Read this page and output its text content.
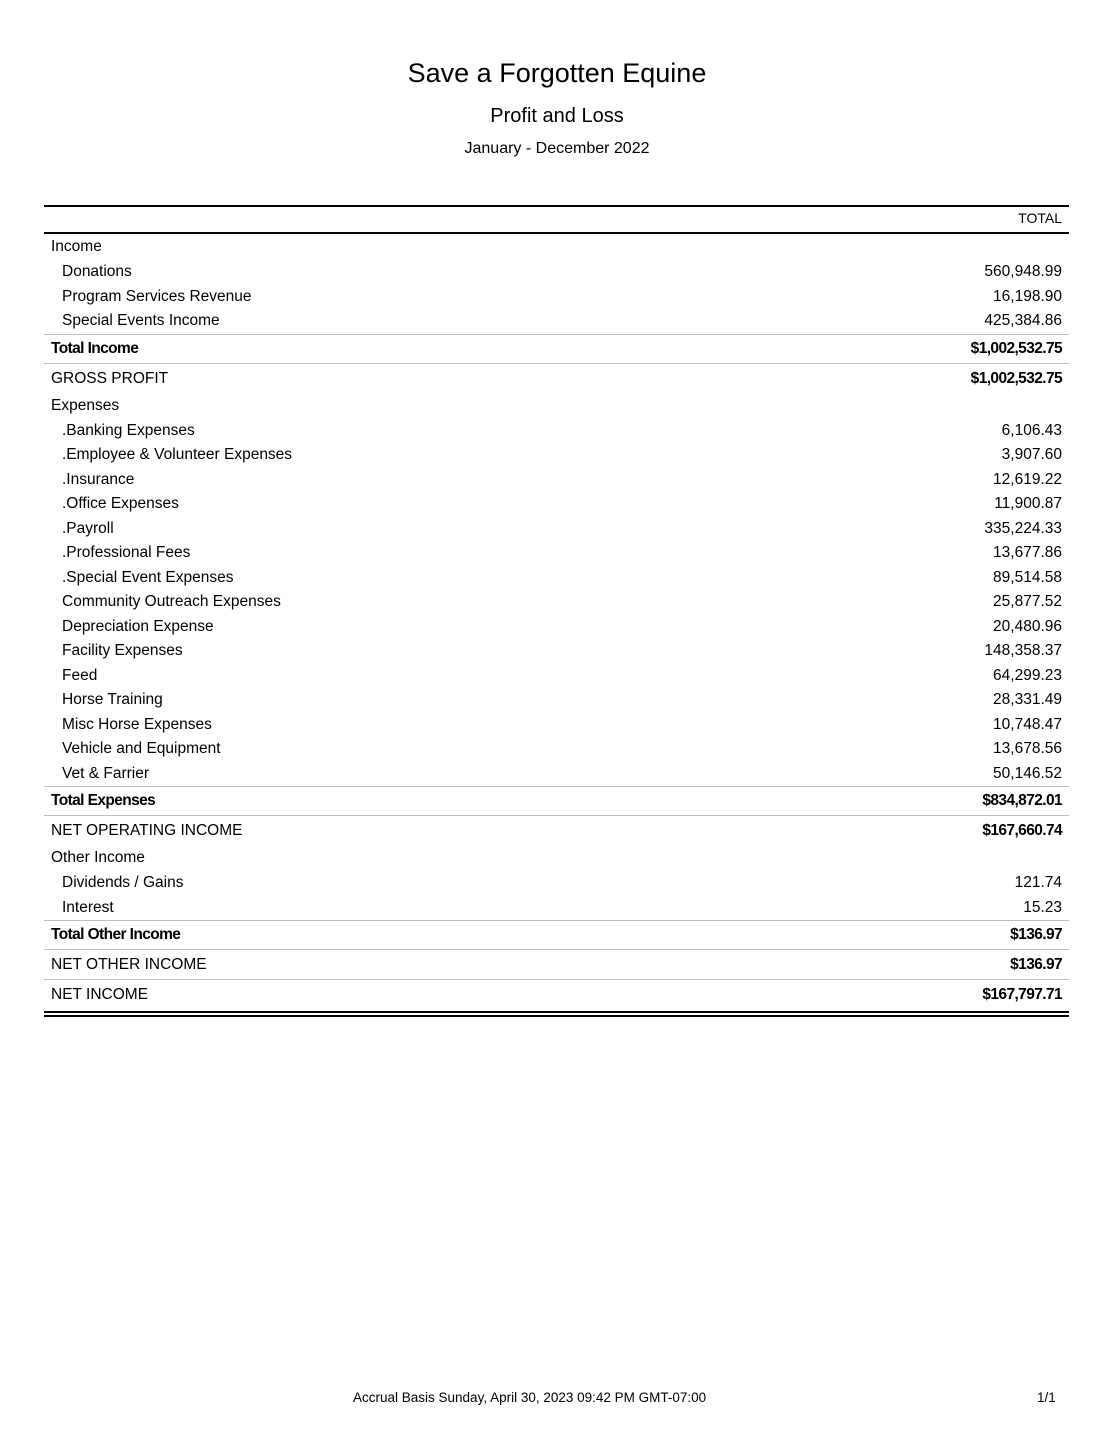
Save a Forgotten Equine
Profit and Loss
January - December 2022
TOTAL
Income
Donations	560,948.99
Program Services Revenue	16,198.90
Special Events Income	425,384.86
Total Income	$1,002,532.75
GROSS PROFIT	$1,002,532.75
Expenses
.Banking Expenses	6,106.43
.Employee & Volunteer Expenses	3,907.60
.Insurance	12,619.22
.Office Expenses	11,900.87
.Payroll	335,224.33
.Professional Fees	13,677.86
.Special Event Expenses	89,514.58
Community Outreach Expenses	25,877.52
Depreciation Expense	20,480.96
Facility Expenses	148,358.37
Feed	64,299.23
Horse Training	28,331.49
Misc Horse Expenses	10,748.47
Vehicle and Equipment	13,678.56
Vet & Farrier	50,146.52
Total Expenses	$834,872.01
NET OPERATING INCOME	$167,660.74
Other Income
Dividends / Gains	121.74
Interest	15.23
Total Other Income	$136.97
NET OTHER INCOME	$136.97
NET INCOME	$167,797.71
Accrual Basis Sunday, April 30, 2023 09:42 PM GMT-07:00	1/1
